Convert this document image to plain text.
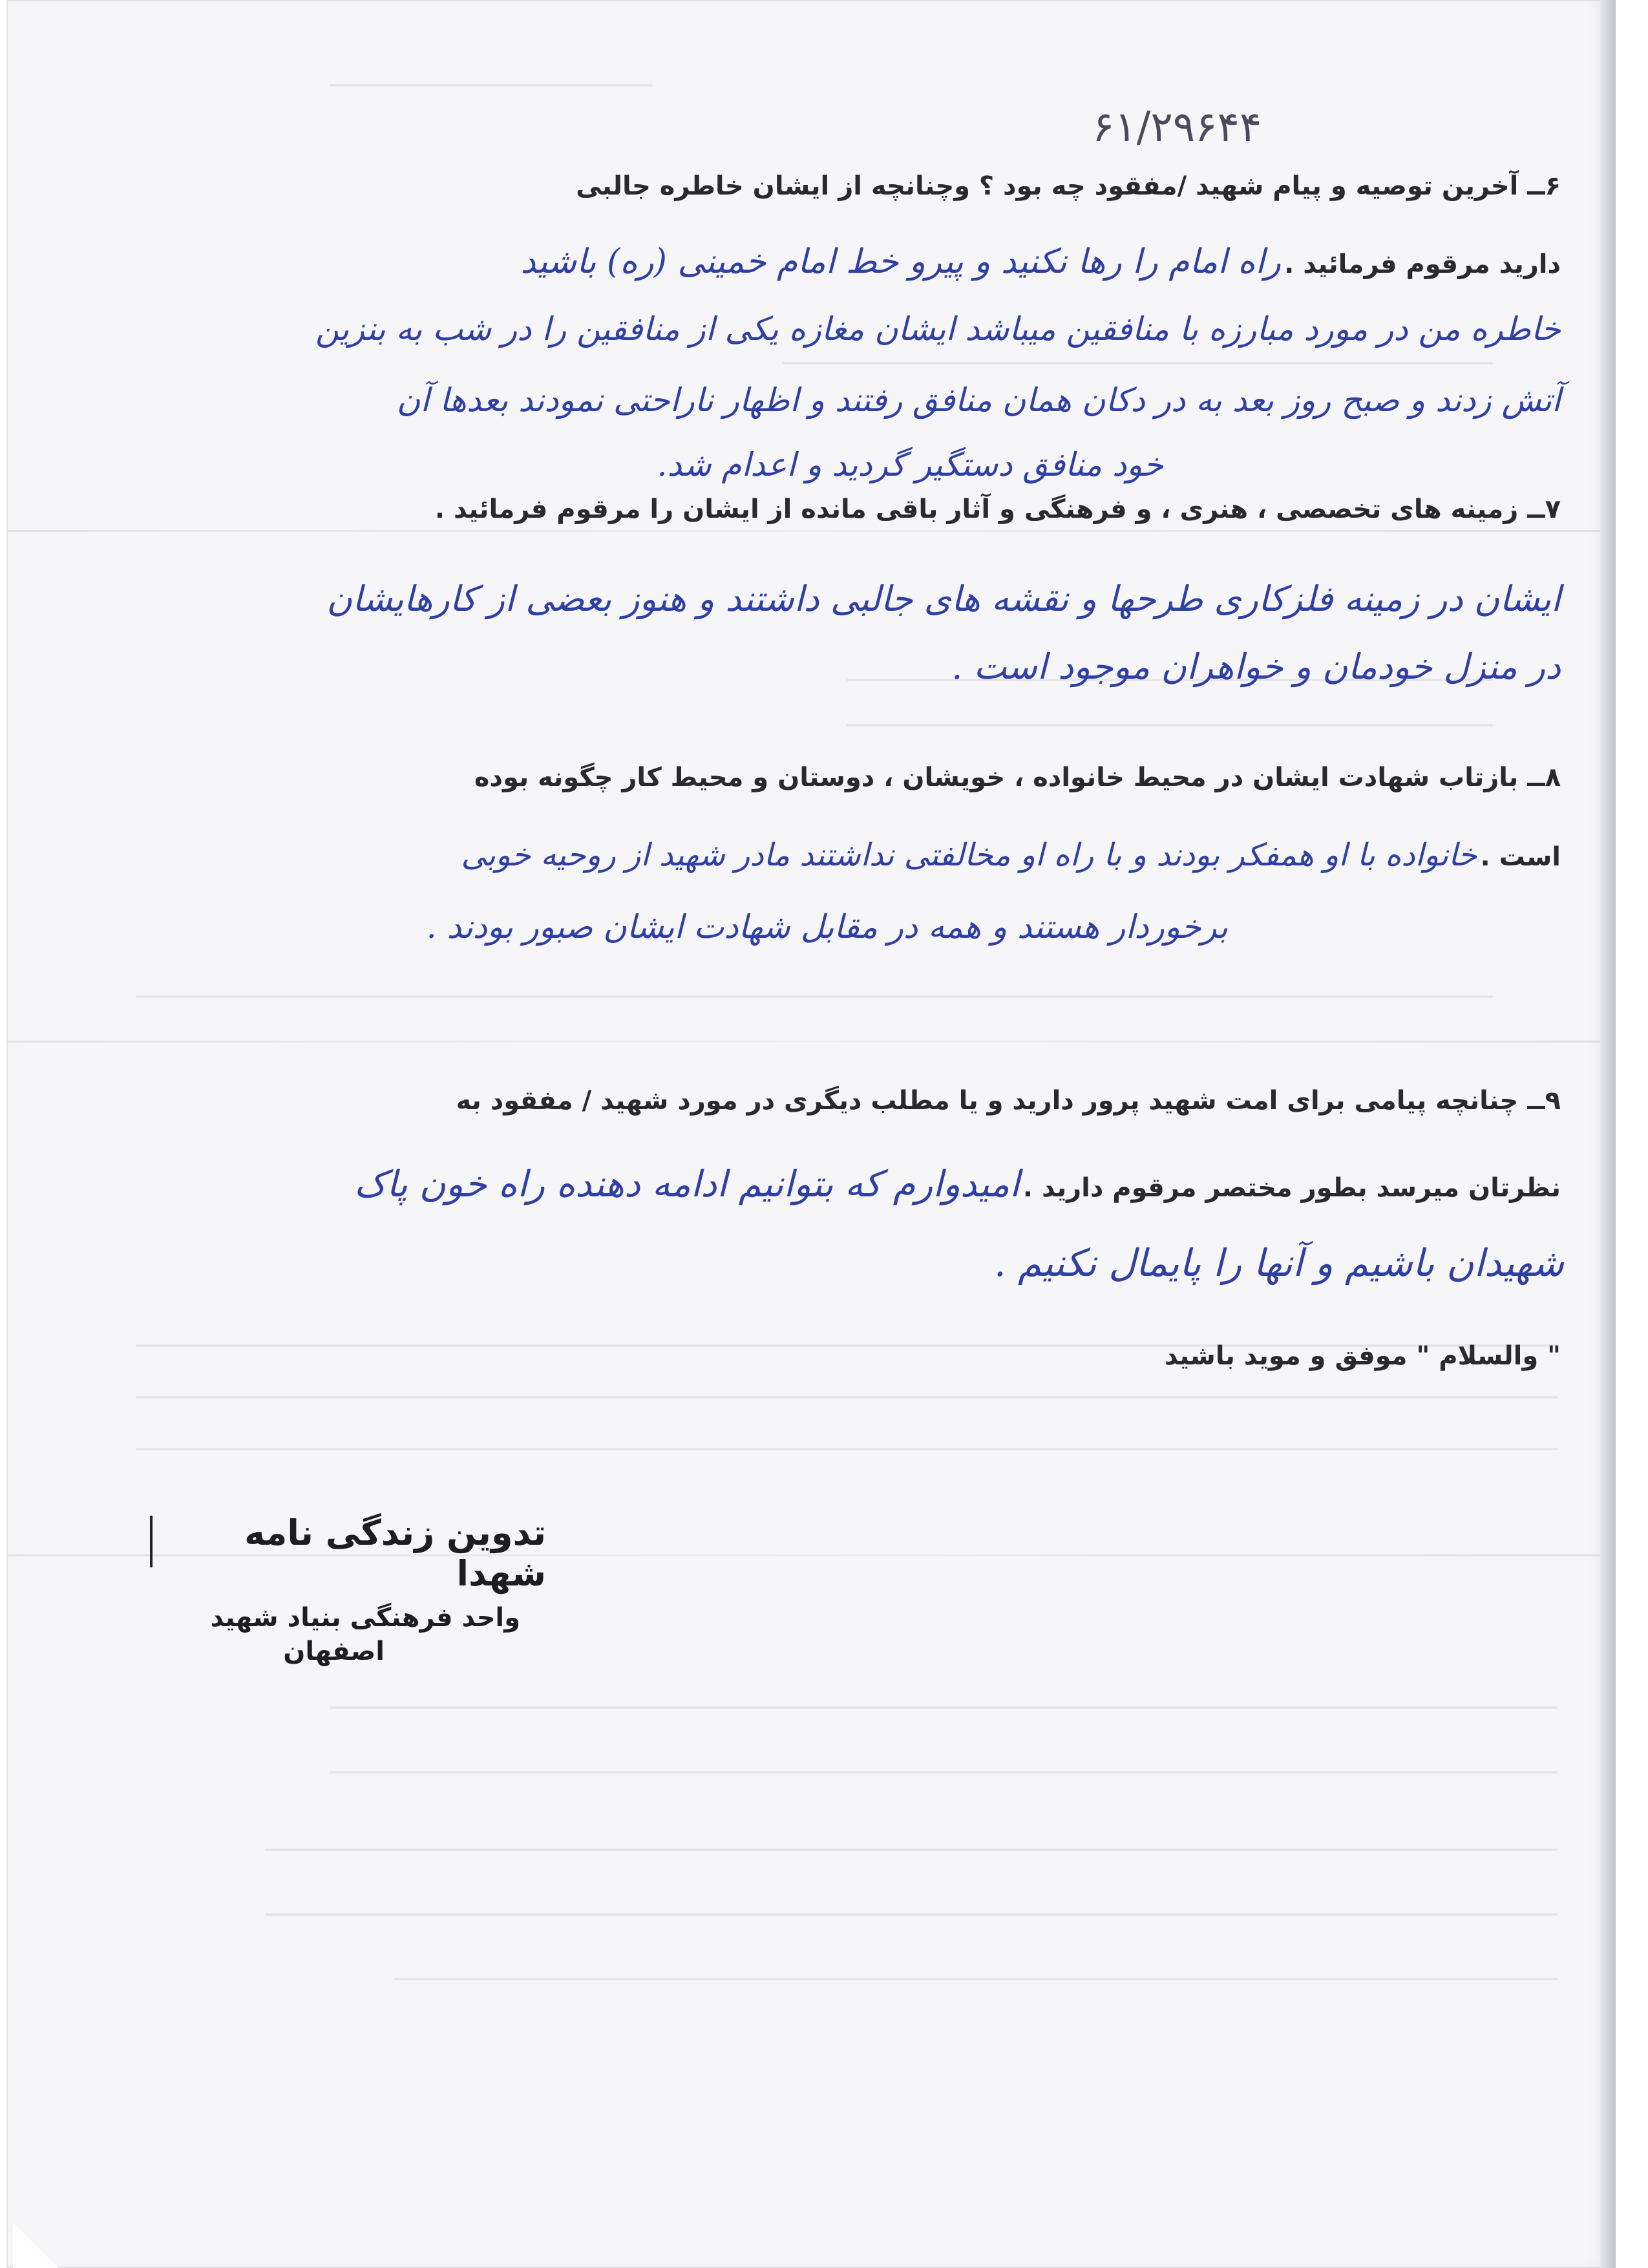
۶۱/۲۹۶۴۴
۶ــ آخرین توصیه و پیام شهید /مفقود چه بود ؟ وچنانچه از ایشان خاطره جالبی
دارید مرقوم فرمائید . راه امام را رها نکنید و پیرو خط امام خمینی (ره) باشید
خاطره من در مورد مبارزه با منافقین میباشد ایشان مغازه یکی از منافقین را در شب به بنزین
آتش زدند و صبح روز بعد به در دکان همان منافق رفتند و اظهار ناراحتی نمودند بعدها آن
خود منافق دستگیر گردید و اعدام شد.
۷ــ زمینه های تخصصی ، هنری ، و فرهنگی و آثار باقی مانده از ایشان را مرقوم فرمائید .
ایشان در زمینه فلزکاری طرحها و نقشه های جالبی داشتند و هنوز بعضی از کارهایشان
در منزل خودمان و خواهران موجود است .
۸ــ بازتاب شهادت ایشان در محیط خانواده ، خویشان ، دوستان و محیط کار چگونه بوده
است . خانواده با او همفکر بودند و با راه او مخالفتی نداشتند مادر شهید از روحیه خوبی
برخوردار هستند و همه در مقابل شهادت ایشان صبور بودند .
۹ــ چنانچه پیامی برای امت شهید پرور دارید و یا مطلب دیگری در مورد شهید / مفقود به
نظرتان میرسد بطور مختصر مرقوم دارید . امیدوارم که بتوانیم ادامه دهنده راه خون پاک
شهیدان باشیم و آنها را پایمال نکنیم .
" والسلام " موفق و موید باشید
تدوین زندگی نامه شهدا
واحد فرهنگی بنیاد شهید
اصفهان
